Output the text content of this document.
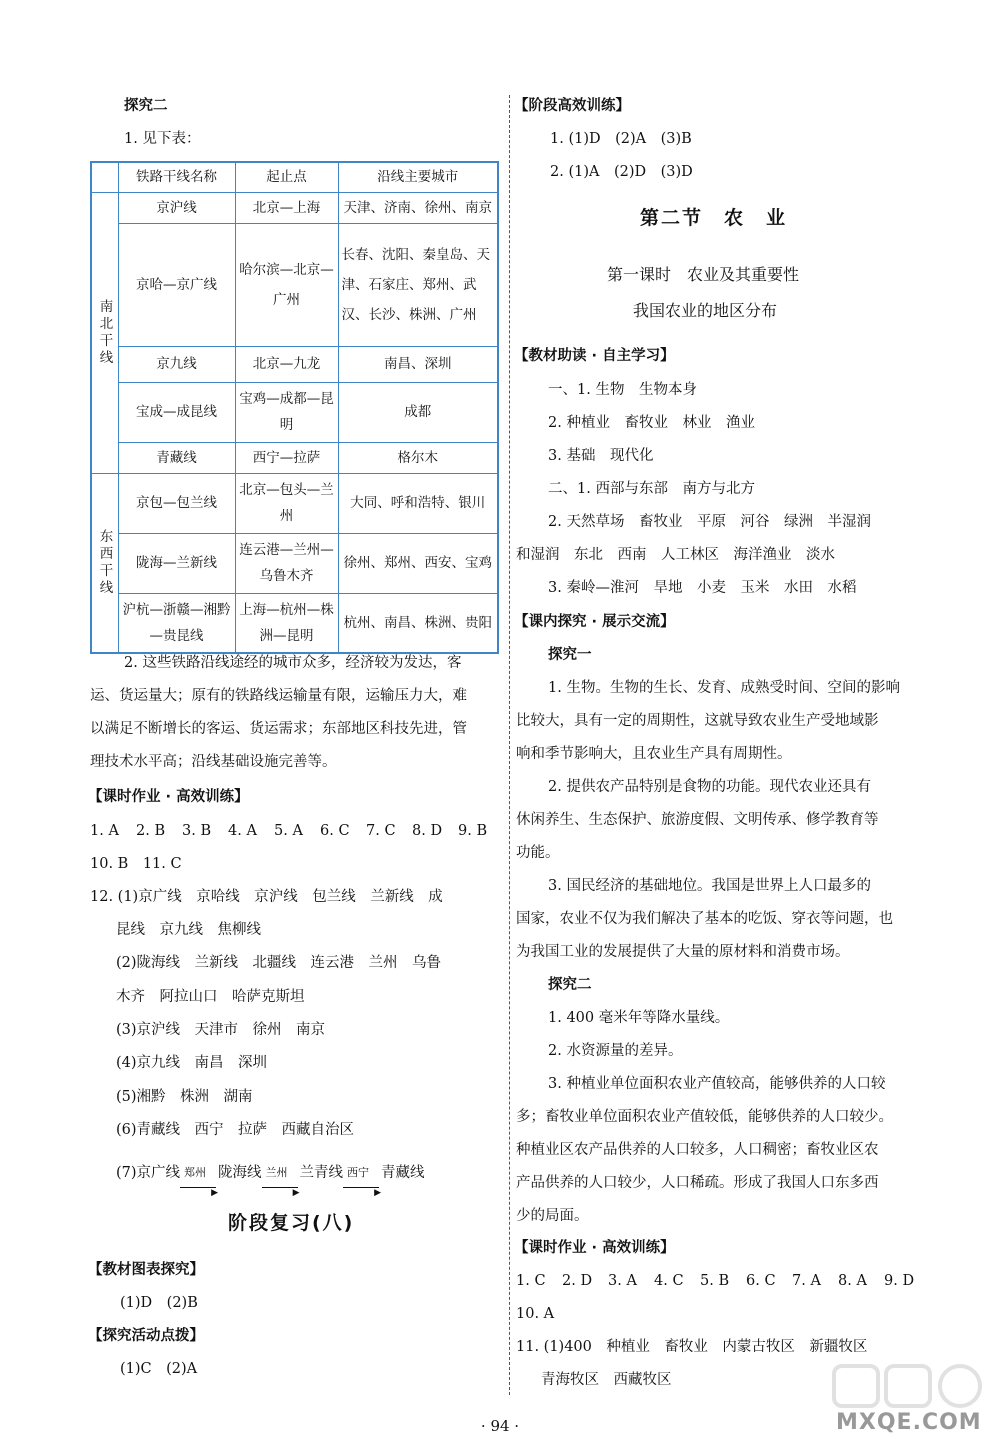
探究二
1. 见下表：
	铁路干线名称	起止点	沿线主要城市

南北干线	京沪线	北京—上海	天津、济南、徐州、南京
	京哈—京广线	哈尔滨—北京—广州	长春、沈阳、秦皇岛、天津、石家庄、郑州、武汉、长沙、株洲、广州
	京九线	北京—九龙	南昌、深圳
	宝成—成昆线	宝鸡—成都—昆明	成都
	青藏线	西宁—拉萨	格尔木

东西干线	京包—包兰线	北京—包头—兰州	大同、呼和浩特、银川
	陇海—兰新线	连云港—兰州—乌鲁木齐	徐州、郑州、西安、宝鸡
	沪杭—浙赣—湘黔—贵昆线	上海—杭州—株洲—昆明	杭州、南昌、株洲、贵阳
2. 这些铁路沿线途经的城市众多，经济较为发达，客
运、货运量大；原有的铁路线运输量有限，运输压力大，难
以满足不断增长的客运、货运需求；东部地区科技先进，管
理技术水平高；沿线基础设施完善等。
【课时作业 · 高效训练】
1. A 2. B 3. B 4. A 5. A 6. C 7. C 8. D 9. B
10. B　11. C
12. (1)京广线　京哈线　京沪线　包兰线　兰新线　成
昆线　京九线　焦柳线
(2)陇海线　兰新线　北疆线　连云港　兰州　乌鲁
木齐　阿拉山口　哈萨克斯坦
(3)京沪线　天津市　徐州　南京
(4)京九线　南昌　深圳
(5)湘黔　株洲　湖南
(6)青藏线　西宁　拉萨　西藏自治区
(7)京广线 郑州
▶
陇海线 兰州
▶
兰青线 西宁
▶
青藏线
阶段复习(八)
【教材图表探究】
(1)D　(2)B
【探究活动点拨】
(1)C　(2)A
【阶段高效训练】
1. (1)D　(2)A　(3)B
2. (1)A　(2)D　(3)D
第二节　农　业
第一课时　农业及其重要性
我国农业的地区分布
【教材助读 · 自主学习】
一、1. 生物　生物本身
2. 种植业　畜牧业　林业　渔业
3. 基础　现代化
二、1. 西部与东部　南方与北方
2. 天然草场　畜牧业　平原　河谷　绿洲　半湿润
和湿润　东北　西南　人工林区　海洋渔业　淡水
3. 秦岭—淮河　旱地　小麦　玉米　水田　水稻
【课内探究 · 展示交流】
探究一
1. 生物。生物的生长、发育、成熟受时间、空间的影响
比较大，具有一定的周期性，这就导致农业生产受地域影
响和季节影响大，且农业生产具有周期性。
2. 提供农产品特别是食物的功能。现代农业还具有
休闲养生、生态保护、旅游度假、文明传承、修学教育等
功能。
3. 国民经济的基础地位。我国是世界上人口最多的
国家，农业不仅为我们解决了基本的吃饭、穿衣等问题，也
为我国工业的发展提供了大量的原材料和消费市场。
探究二
1. 400 毫米年等降水量线。
2. 水资源量的差异。
3. 种植业单位面积农业产值较高，能够供养的人口较
多；畜牧业单位面积农业产值较低，能够供养的人口较少。
种植业区农产品供养的人口较多，人口稠密；畜牧业区农
产品供养的人口较少，人口稀疏。形成了我国人口东多西
少的局面。
【课时作业 · 高效训练】
1. C 2. D 3. A 4. C 5. B 6. C 7. A 8. A 9. D
10. A
11. (1)400　种植业　畜牧业　内蒙古牧区　新疆牧区
青海牧区　西藏牧区
· 94 ·	MXQE.COM
